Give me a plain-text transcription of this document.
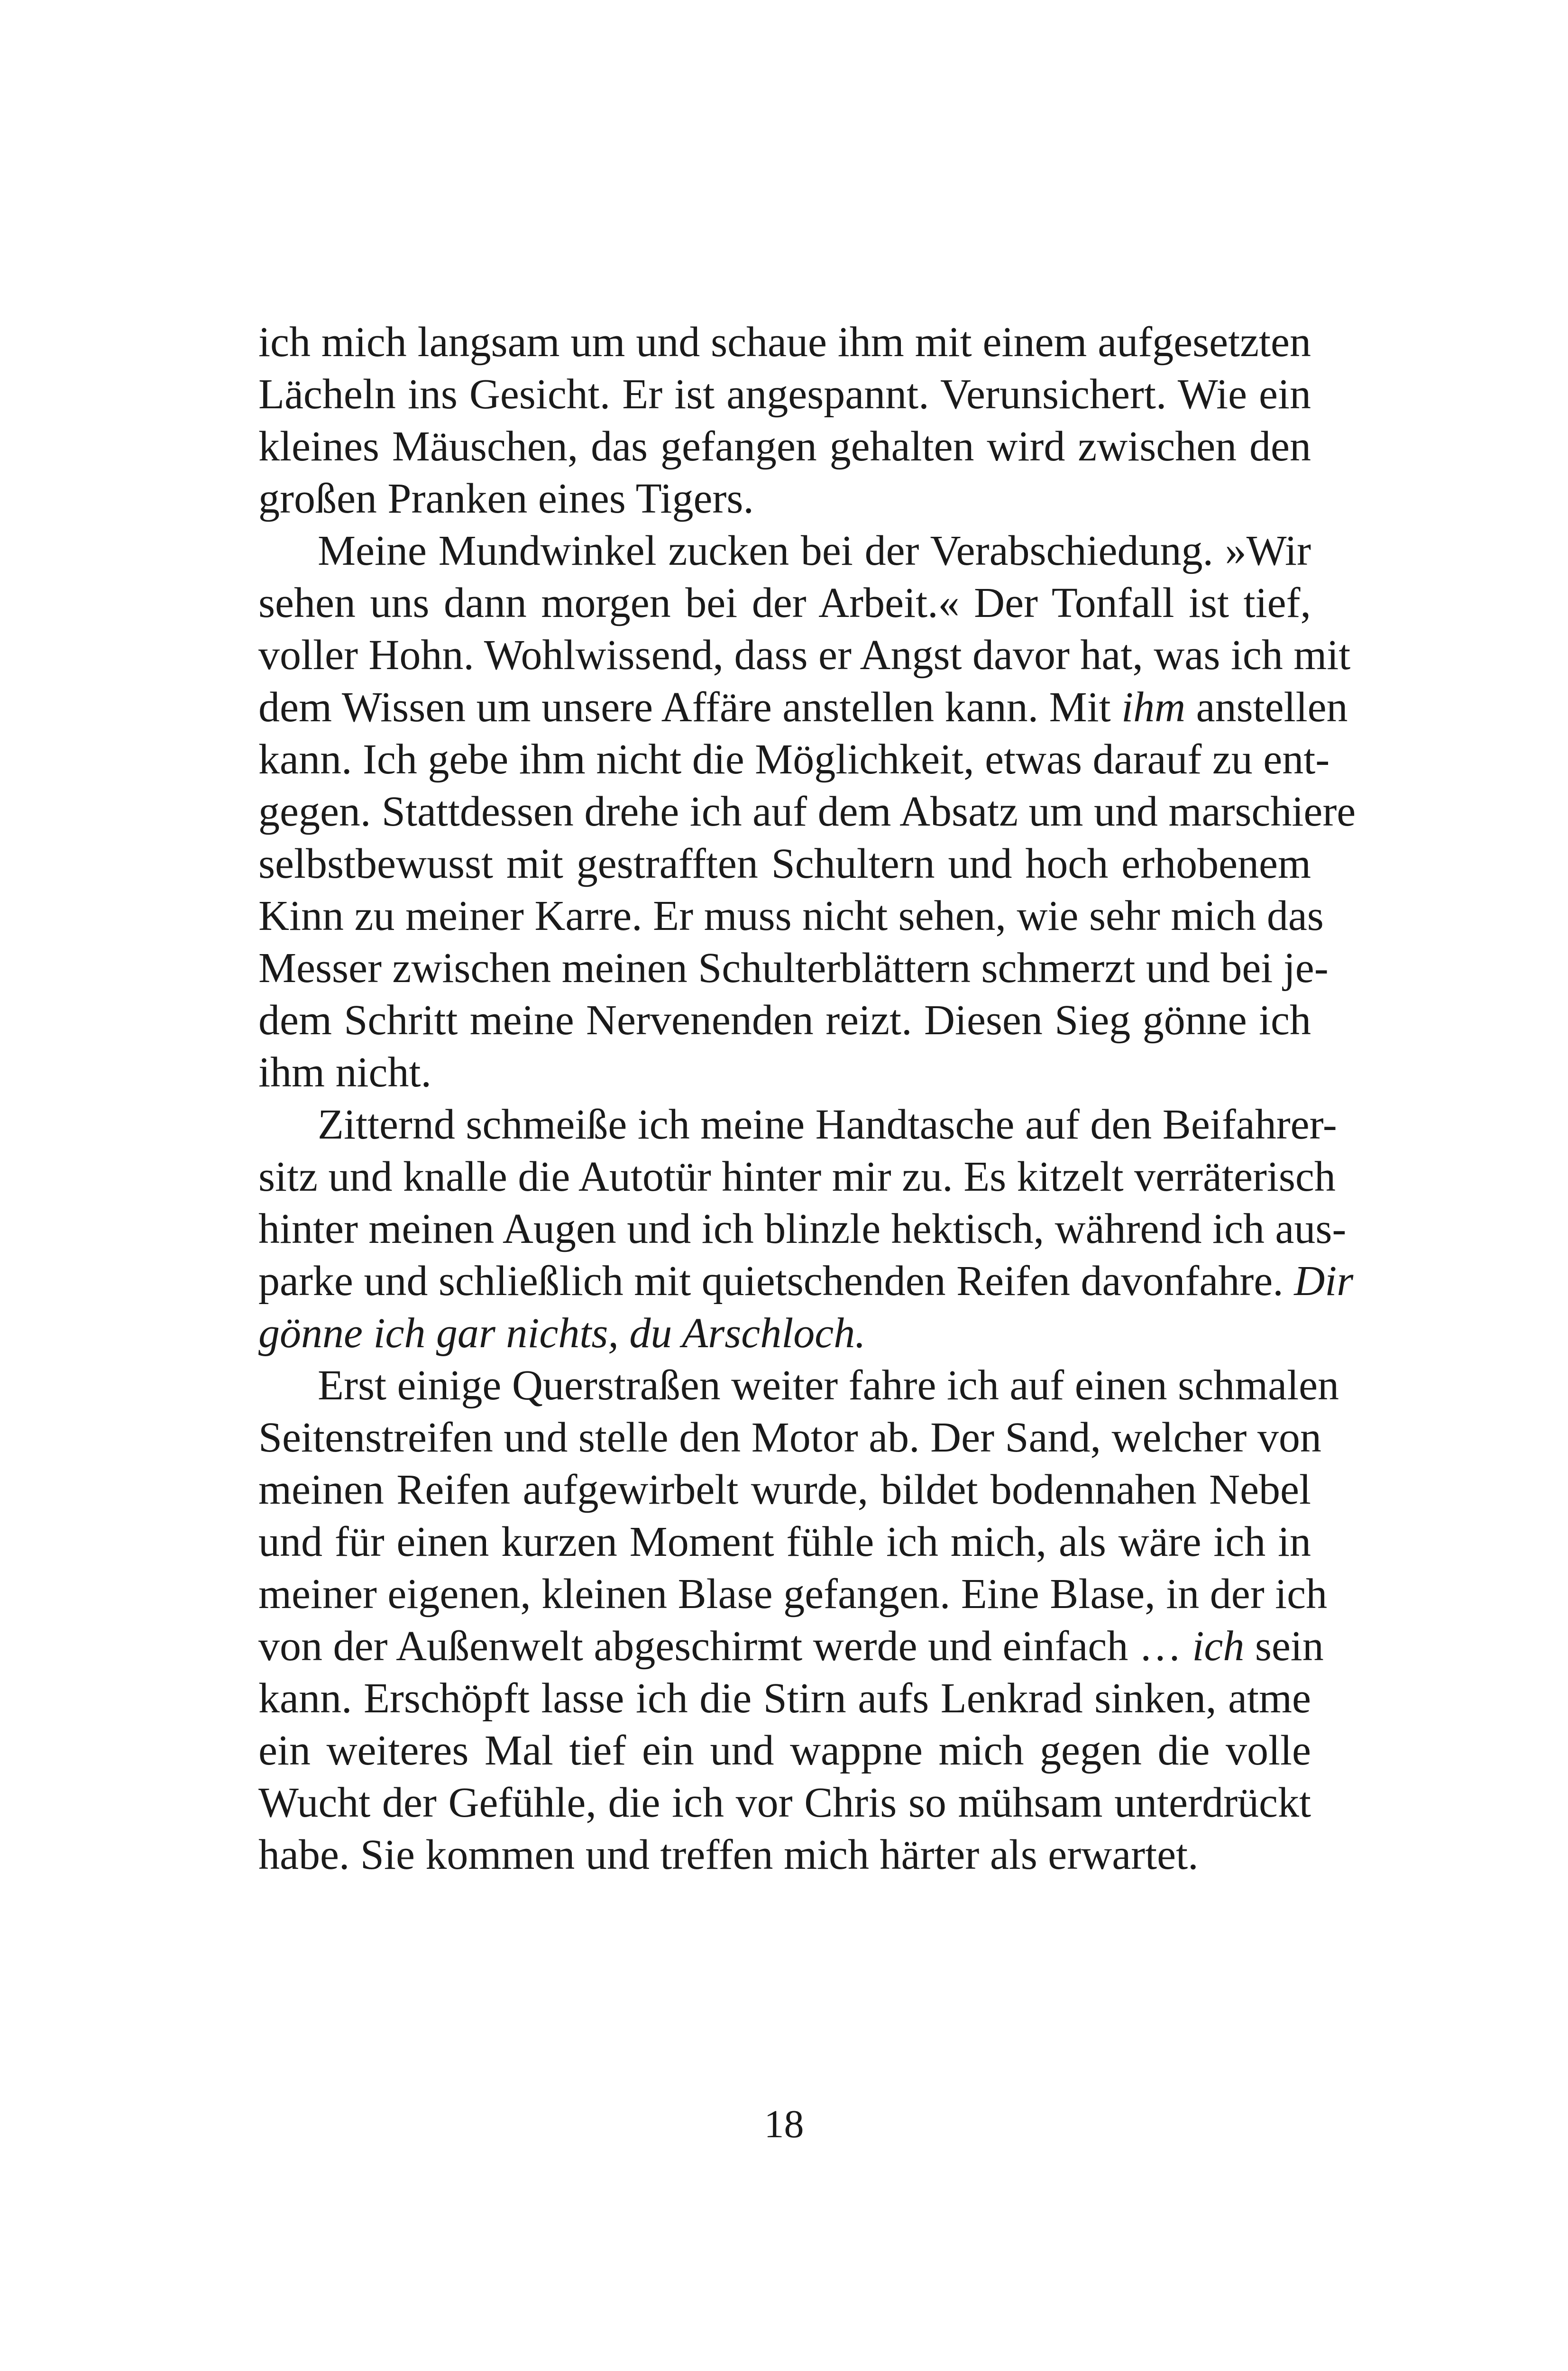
ich mich langsam um und schaue ihm mit einem aufgesetzten
Lächeln ins Gesicht. Er ist angespannt. Verunsichert. Wie ein
kleines Mäuschen, das gefangen gehalten wird zwischen den
großen Pranken eines Tigers.
Meine Mundwinkel zucken bei der Verabschiedung. »Wir
sehen uns dann morgen bei der Arbeit.« Der Tonfall ist tief,
voller Hohn. Wohlwissend, dass er Angst davor hat, was ich mit
dem Wissen um unsere Affäre anstellen kann. Mit ihm anstellen
kann. Ich gebe ihm nicht die Möglichkeit, etwas darauf zu ent-
gegen. Stattdessen drehe ich auf dem Absatz um und marschiere
selbstbewusst mit gestrafften Schultern und hoch erhobenem
Kinn zu meiner Karre. Er muss nicht sehen, wie sehr mich das
Messer zwischen meinen Schulterblättern schmerzt und bei je-
dem Schritt meine Nervenenden reizt. Diesen Sieg gönne ich
ihm nicht.
Zitternd schmeiße ich meine Handtasche auf den Beifahrer-
sitz und knalle die Autotür hinter mir zu. Es kitzelt verräterisch
hinter meinen Augen und ich blinzle hektisch, während ich aus-
parke und schließlich mit quietschenden Reifen davonfahre. Dir
gönne ich gar nichts, du Arschloch.
Erst einige Querstraßen weiter fahre ich auf einen schmalen
Seitenstreifen und stelle den Motor ab. Der Sand, welcher von
meinen Reifen aufgewirbelt wurde, bildet bodennahen Nebel
und für einen kurzen Moment fühle ich mich, als wäre ich in
meiner eigenen, kleinen Blase gefangen. Eine Blase, in der ich
von der Außenwelt abgeschirmt werde und einfach … ich sein
kann. Erschöpft lasse ich die Stirn aufs Lenkrad sinken, atme
ein weiteres Mal tief ein und wappne mich gegen die volle
Wucht der Gefühle, die ich vor Chris so mühsam unterdrückt
habe. Sie kommen und treffen mich härter als erwartet.
18
